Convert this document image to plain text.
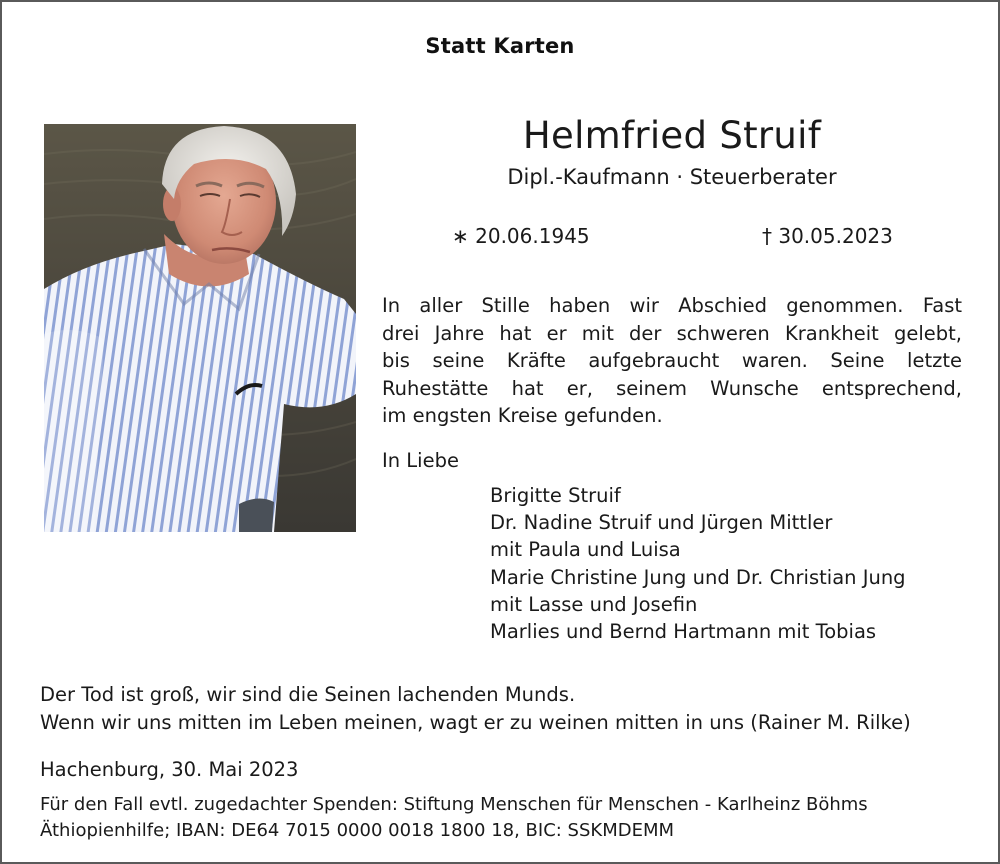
Statt Karten
Helmfried Struif
Dipl.-Kaufmann · Steuerberater
∗ 20.06.1945	† 30.05.2023
In aller Stille haben wir Abschied genommen. Fast
drei Jahre hat er mit der schweren Krankheit gelebt,
bis seine Kräfte aufgebraucht waren. Seine letzte
Ruhestätte hat er, seinem Wunsche entsprechend,
im engsten Kreise gefunden.
In Liebe
Brigitte Struif
Dr. Nadine Struif und Jürgen Mittler
mit Paula und Luisa
Marie Christine Jung und Dr. Christian Jung
mit Lasse und Josefin
Marlies und Bernd Hartmann mit Tobias
Der Tod ist groß, wir sind die Seinen lachenden Munds.
Wenn wir uns mitten im Leben meinen, wagt er zu weinen mitten in uns (Rainer M. Rilke)
Hachenburg, 30. Mai 2023
Für den Fall evtl. zugedachter Spenden: Stiftung Menschen für Menschen - Karlheinz Böhms
Äthiopienhilfe; IBAN: DE64 7015 0000 0018 1800 18, BIC: SSKMDEMM
